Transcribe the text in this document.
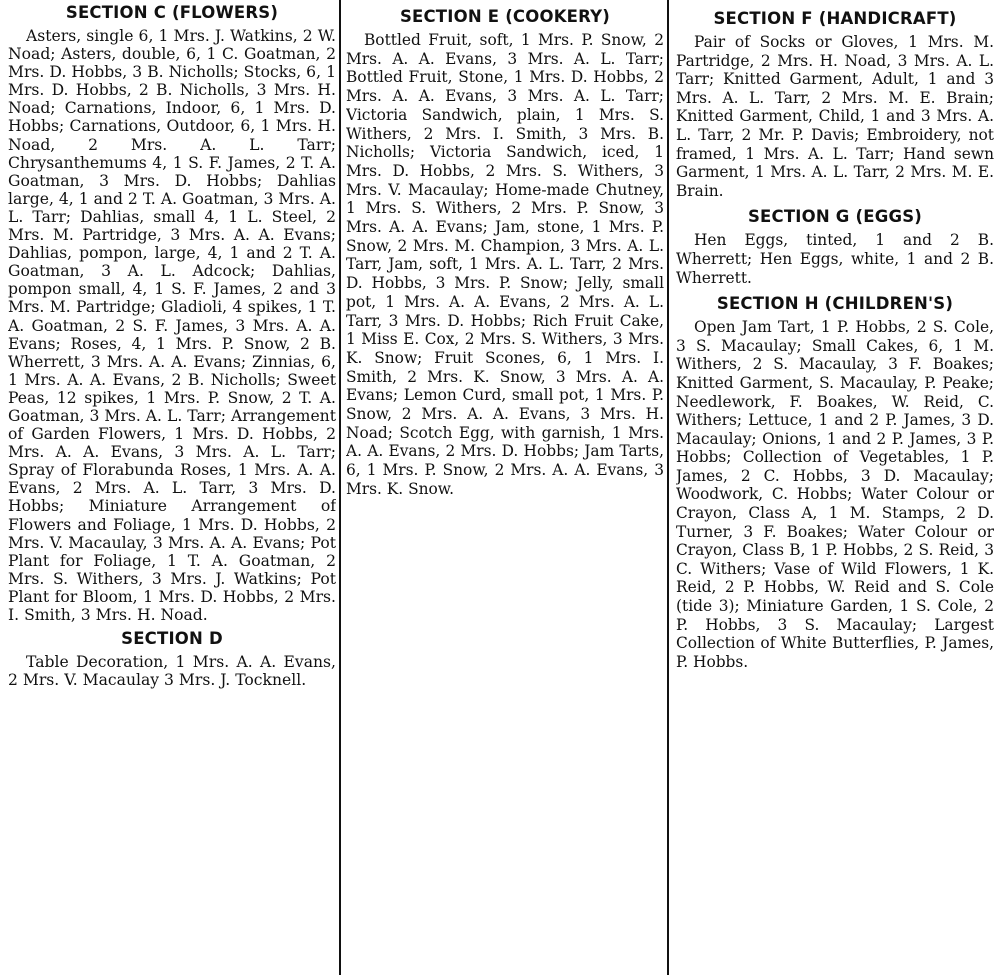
SECTION C (FLOWERS)

Asters, single 6, 1 Mrs. J. Watkins, 2 W. Noad; Asters, double, 6, 1 C. Goatman, 2 Mrs. D. Hobbs, 3 B. Nicholls; Stocks, 6, 1 Mrs. D. Hobbs, 2 B. Nicholls, 3 Mrs. H. Noad; Carnations, Indoor, 6, 1 Mrs. D. Hobbs; Carnations, Outdoor, 6, 1 Mrs. H. Noad, 2 Mrs. A. L. Tarr; Chrysanthemums 4, 1 S. F. James, 2 T. A. Goatman, 3 Mrs. D. Hobbs; Dahlias large, 4, 1 and 2 T. A. Goatman, 3 Mrs. A. L. Tarr; Dahlias, small 4, 1 L. Steel, 2 Mrs. M. Partridge, 3 Mrs. A. A. Evans; Dahlias, pompon, large, 4, 1 and 2 T. A. Goatman, 3 A. L. Adcock; Dahlias, pompon small, 4, 1 S. F. James, 2 and 3 Mrs. M. Partridge; Gladioli, 4 spikes, 1 T. A. Goatman, 2 S. F. James, 3 Mrs. A. A. Evans; Roses, 4, 1 Mrs. P. Snow, 2 B. Wherrett, 3 Mrs. A. A. Evans; Zinnias, 6, 1 Mrs. A. A. Evans, 2 B. Nicholls; Sweet Peas, 12 spikes, 1 Mrs. P. Snow, 2 T. A. Goatman, 3 Mrs. A. L. Tarr; Arrangement of Garden Flowers, 1 Mrs. D. Hobbs, 2 Mrs. A. A. Evans, 3 Mrs. A. L. Tarr; Spray of Florabunda Roses, 1 Mrs. A. A. Evans, 2 Mrs. A. L. Tarr, 3 Mrs. D. Hobbs; Miniature Arrangement of Flowers and Foliage, 1 Mrs. D. Hobbs, 2 Mrs. V. Macaulay, 3 Mrs. A. A. Evans; Pot Plant for Foliage, 1 T. A. Goatman, 2 Mrs. S. Withers, 3 Mrs. J. Watkins; Pot Plant for Bloom, 1 Mrs. D. Hobbs, 2 Mrs. I. Smith, 3 Mrs. H. Noad.

SECTION D

Table Decoration, 1 Mrs. A. A. Evans, 2 Mrs. V. Macaulay 3 Mrs. J. Tocknell.

SECTION E (COOKERY)

Bottled Fruit, soft, 1 Mrs. P. Snow, 2 Mrs. A. A. Evans, 3 Mrs. A. L. Tarr; Bottled Fruit, Stone, 1 Mrs. D. Hobbs, 2 Mrs. A. A. Evans, 3 Mrs. A. L. Tarr; Victoria Sandwich, plain, 1 Mrs. S. Withers, 2 Mrs. I. Smith, 3 Mrs. B. Nicholls; Victoria Sandwich, iced, 1 Mrs. D. Hobbs, 2 Mrs. S. Withers, 3 Mrs. V. Macaulay; Home-made Chutney, 1 Mrs. S. Withers, 2 Mrs. P. Snow, 3 Mrs. A. A. Evans; Jam, stone, 1 Mrs. P. Snow, 2 Mrs. M. Champion, 3 Mrs. A. L. Tarr, Jam, soft, 1 Mrs. A. L. Tarr, 2 Mrs. D. Hobbs, 3 Mrs. P. Snow; Jelly, small pot, 1 Mrs. A. A. Evans, 2 Mrs. A. L. Tarr, 3 Mrs. D. Hobbs; Rich Fruit Cake, 1 Miss E. Cox, 2 Mrs. S. Withers, 3 Mrs. K. Snow; Fruit Scones, 6, 1 Mrs. I. Smith, 2 Mrs. K. Snow, 3 Mrs. A. A. Evans; Lemon Curd, small pot, 1 Mrs. P. Snow, 2 Mrs. A. A. Evans, 3 Mrs. H. Noad; Scotch Egg, with garnish, 1 Mrs. A. A. Evans, 2 Mrs. D. Hobbs; Jam Tarts, 6, 1 Mrs. P. Snow, 2 Mrs. A. A. Evans, 3 Mrs. K. Snow.

SECTION F (HANDICRAFT)

Pair of Socks or Gloves, 1 Mrs. M. Partridge, 2 Mrs. H. Noad, 3 Mrs. A. L. Tarr; Knitted Garment, Adult, 1 and 3 Mrs. A. L. Tarr, 2 Mrs. M. E. Brain; Knitted Garment, Child, 1 and 3 Mrs. A. L. Tarr, 2 Mr. P. Davis; Embroidery, not framed, 1 Mrs. A. L. Tarr; Hand sewn Garment, 1 Mrs. A. L. Tarr, 2 Mrs. M. E. Brain.

SECTION G (EGGS)

Hen Eggs, tinted, 1 and 2 B. Wherrett; Hen Eggs, white, 1 and 2 B. Wherrett.

SECTION H (CHILDREN'S)

Open Jam Tart, 1 P. Hobbs, 2 S. Cole, 3 S. Macaulay; Small Cakes, 6, 1 M. Withers, 2 S. Macaulay, 3 F. Boakes; Knitted Garment, S. Macaulay, P. Peake; Needlework, F. Boakes, W. Reid, C. Withers; Lettuce, 1 and 2 P. James, 3 D. Macaulay; Onions, 1 and 2 P. James, 3 P. Hobbs; Collection of Vegetables, 1 P. James, 2 C. Hobbs, 3 D. Macaulay; Woodwork, C. Hobbs; Water Colour or Crayon, Class A, 1 M. Stamps, 2 D. Turner, 3 F. Boakes; Water Colour or Crayon, Class B, 1 P. Hobbs, 2 S. Reid, 3 C. Withers; Vase of Wild Flowers, 1 K. Reid, 2 P. Hobbs, W. Reid and S. Cole (tide 3); Miniature Garden, 1 S. Cole, 2 P. Hobbs, 3 S. Macaulay; Largest Collection of White Butterflies, P. James, P. Hobbs.
